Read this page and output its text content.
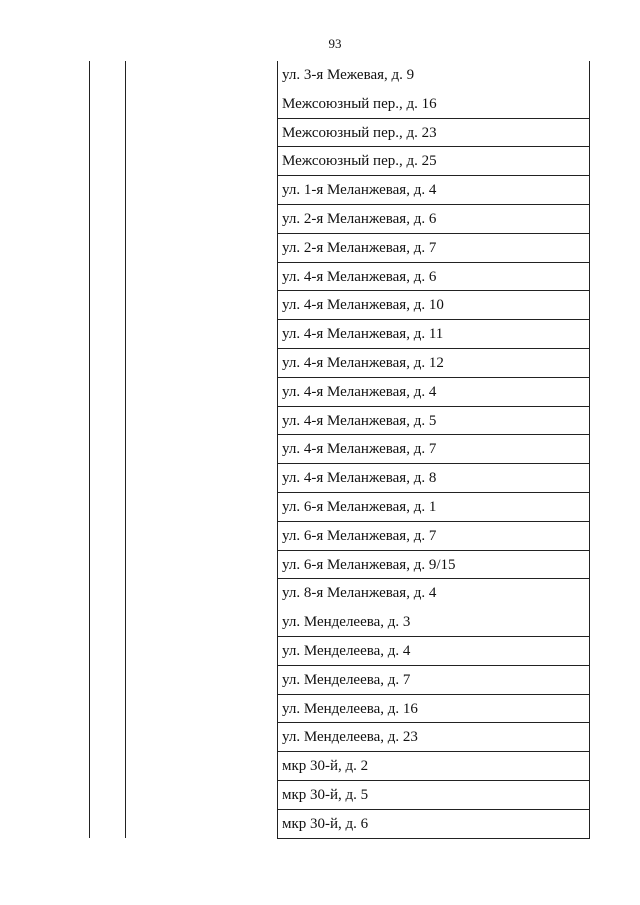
93
ул. 3-я Межевая, д. 9
Межсоюзный пер., д. 16
Межсоюзный пер., д. 23
Межсоюзный пер., д. 25
ул. 1-я Меланжевая, д. 4
ул. 2-я Меланжевая, д. 6
ул. 2-я Меланжевая, д. 7
ул. 4-я Меланжевая, д. 6
ул. 4-я Меланжевая, д. 10
ул. 4-я Меланжевая, д. 11
ул. 4-я Меланжевая, д. 12
ул. 4-я Меланжевая, д. 4
ул. 4-я Меланжевая, д. 5
ул. 4-я Меланжевая, д. 7
ул. 4-я Меланжевая, д. 8
ул. 6-я Меланжевая, д. 1
ул. 6-я Меланжевая, д. 7
ул. 6-я Меланжевая, д. 9/15
ул. 8-я Меланжевая, д. 4
ул. Менделеева, д. 3
ул. Менделеева, д. 4
ул. Менделеева, д. 7
ул. Менделеева, д. 16
ул. Менделеева, д. 23
мкр 30-й, д. 2
мкр 30-й, д. 5
мкр 30-й, д. 6
